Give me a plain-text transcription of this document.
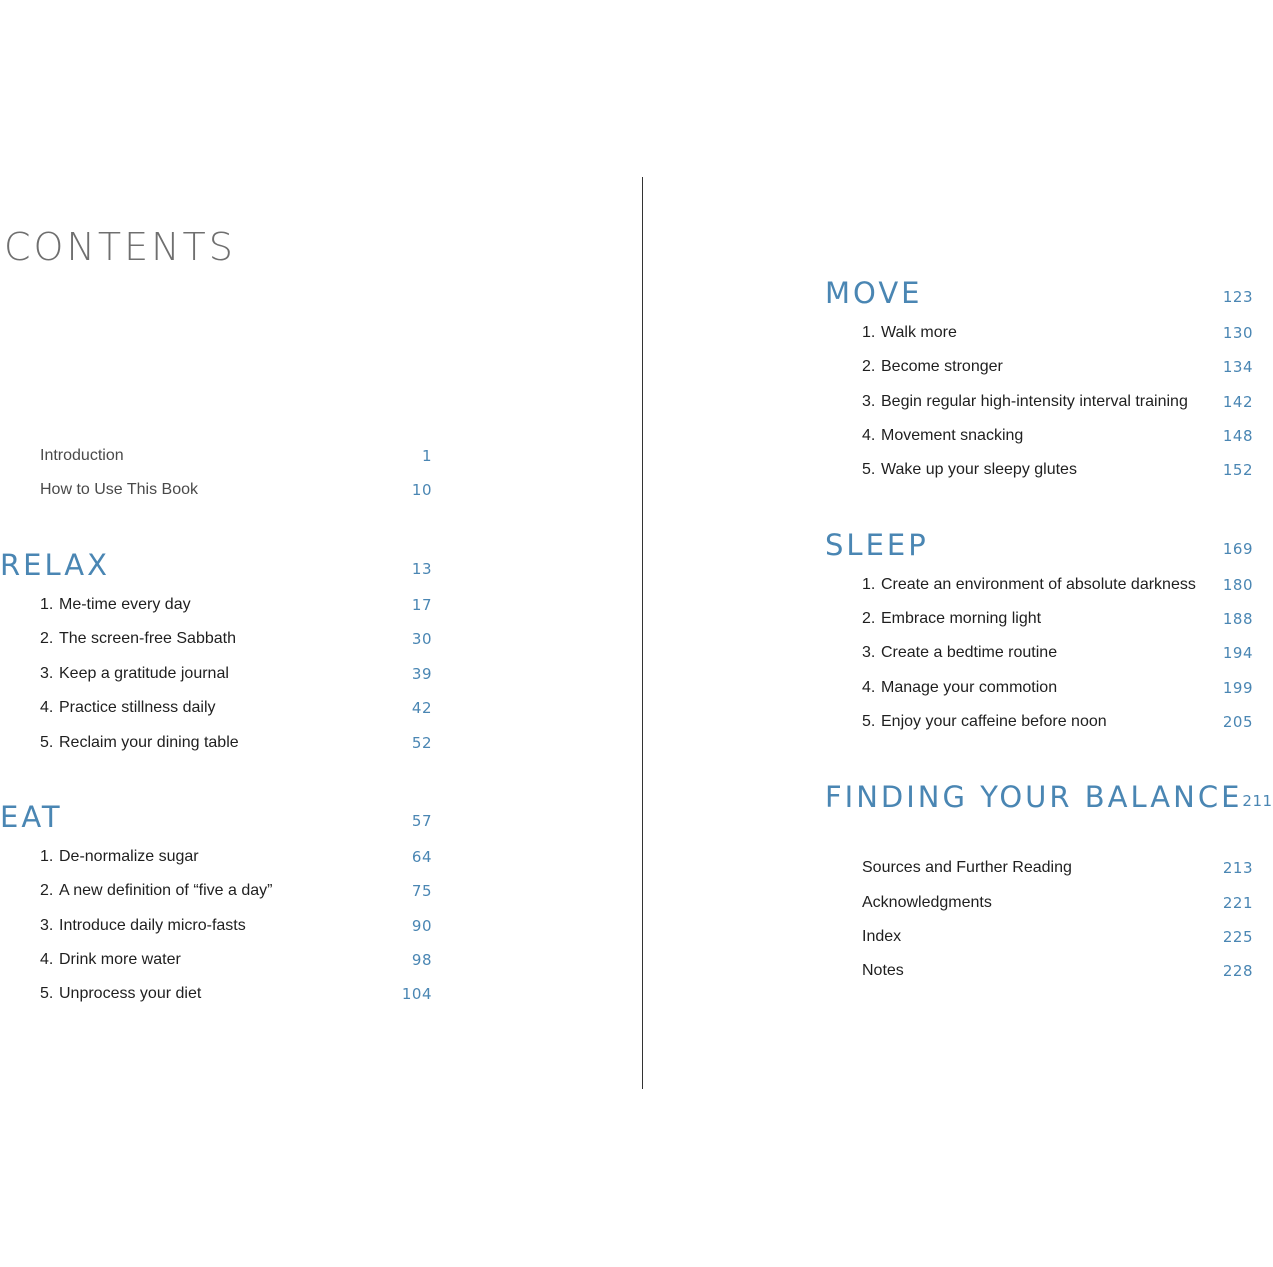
CONTENTS
Introduction	1
How to Use This Book	10
RELAX	13
1. Me-time every day	17
2. The screen-free Sabbath	30
3. Keep a gratitude journal	39
4. Practice stillness daily	42
5. Reclaim your dining table	52
EAT	57
1. De-normalize sugar	64
2. A new definition of “five a day”	75
3. Introduce daily micro-fasts	90
4. Drink more water	98
5. Unprocess your diet	104
MOVE	123
1. Walk more	130
2. Become stronger	134
3. Begin regular high-intensity interval training 142
4. Movement snacking	148
5. Wake up your sleepy glutes	152
SLEEP	169
1. Create an environment of absolute darkness 180
2. Embrace morning light	188
3. Create a bedtime routine	194
4. Manage your commotion	199
5. Enjoy your caffeine before noon	205
FINDING YOUR BALANCE 211
Sources and Further Reading	213
Acknowledgments	221
Index	225
Notes	228
